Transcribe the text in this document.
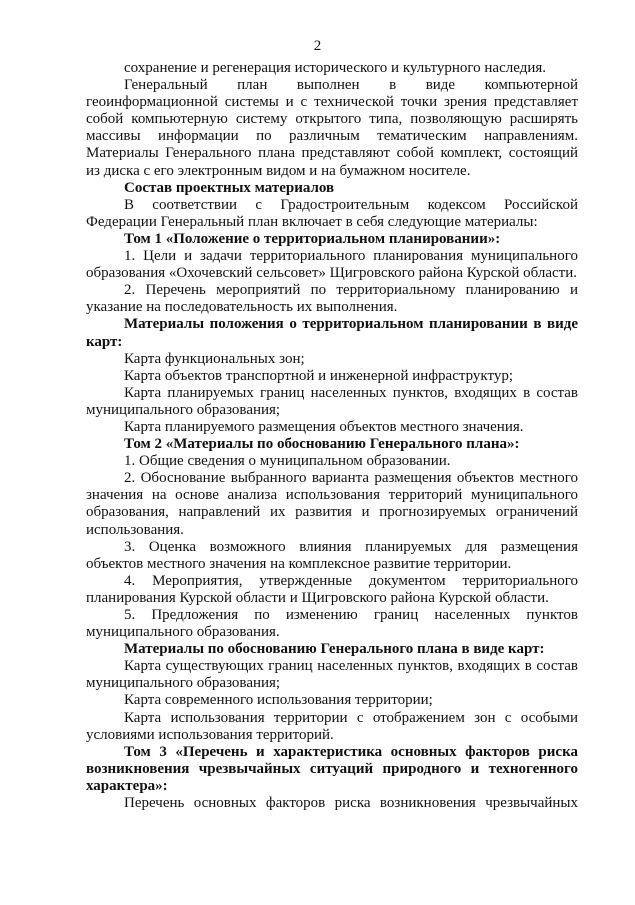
2

сохранение и регенерация исторического и культурного наследия.

Генеральный план выполнен в виде компьютерной геоинформационной системы и с технической точки зрения представляет собой компьютерную систему открытого типа, позволяющую расширять массивы информации по различным тематическим направлениям. Материалы Генерального плана представляют собой комплект, состоящий из диска с его электронным видом и на бумажном носителе.

Состав проектных материалов

В соответствии с Градостроительным кодексом Российской Федерации Генеральный план включает в себя следующие материалы:

Том 1 «Положение о территориальном планировании»:

1. Цели и задачи территориального планирования муниципального образования «Охочевский сельсовет» Щигровского района Курской области.

2. Перечень мероприятий по территориальному планированию и указание на последовательность их выполнения.

Материалы положения о территориальном планировании в виде карт:

Карта функциональных зон;

Карта объектов транспортной и инженерной инфраструктур;

Карта планируемых границ населенных пунктов, входящих в состав муниципального образования;

Карта планируемого размещения объектов местного значения.

Том 2 «Материалы по обоснованию Генерального плана»:

1. Общие сведения о муниципальном образовании.

2. Обоснование выбранного варианта размещения объектов местного значения на основе анализа использования территорий муниципального образования, направлений их развития и прогнозируемых ограничений использования.

3. Оценка возможного влияния планируемых для размещения объектов местного значения на комплексное развитие территории.

4. Мероприятия, утвержденные документом территориального планирования Курской области и Щигровского района Курской области.

5. Предложения по изменению границ населенных пунктов муниципального образования.

Материалы по обоснованию Генерального плана в виде карт:

Карта существующих границ населенных пунктов, входящих в состав муниципального образования;

Карта современного использования территории;

Карта использования территории с отображением зон с особыми условиями использования территорий.

Том 3 «Перечень и характеристика основных факторов риска возникновения чрезвычайных ситуаций природного и техногенного характера»:

Перечень основных факторов риска возникновения чрезвычайных
